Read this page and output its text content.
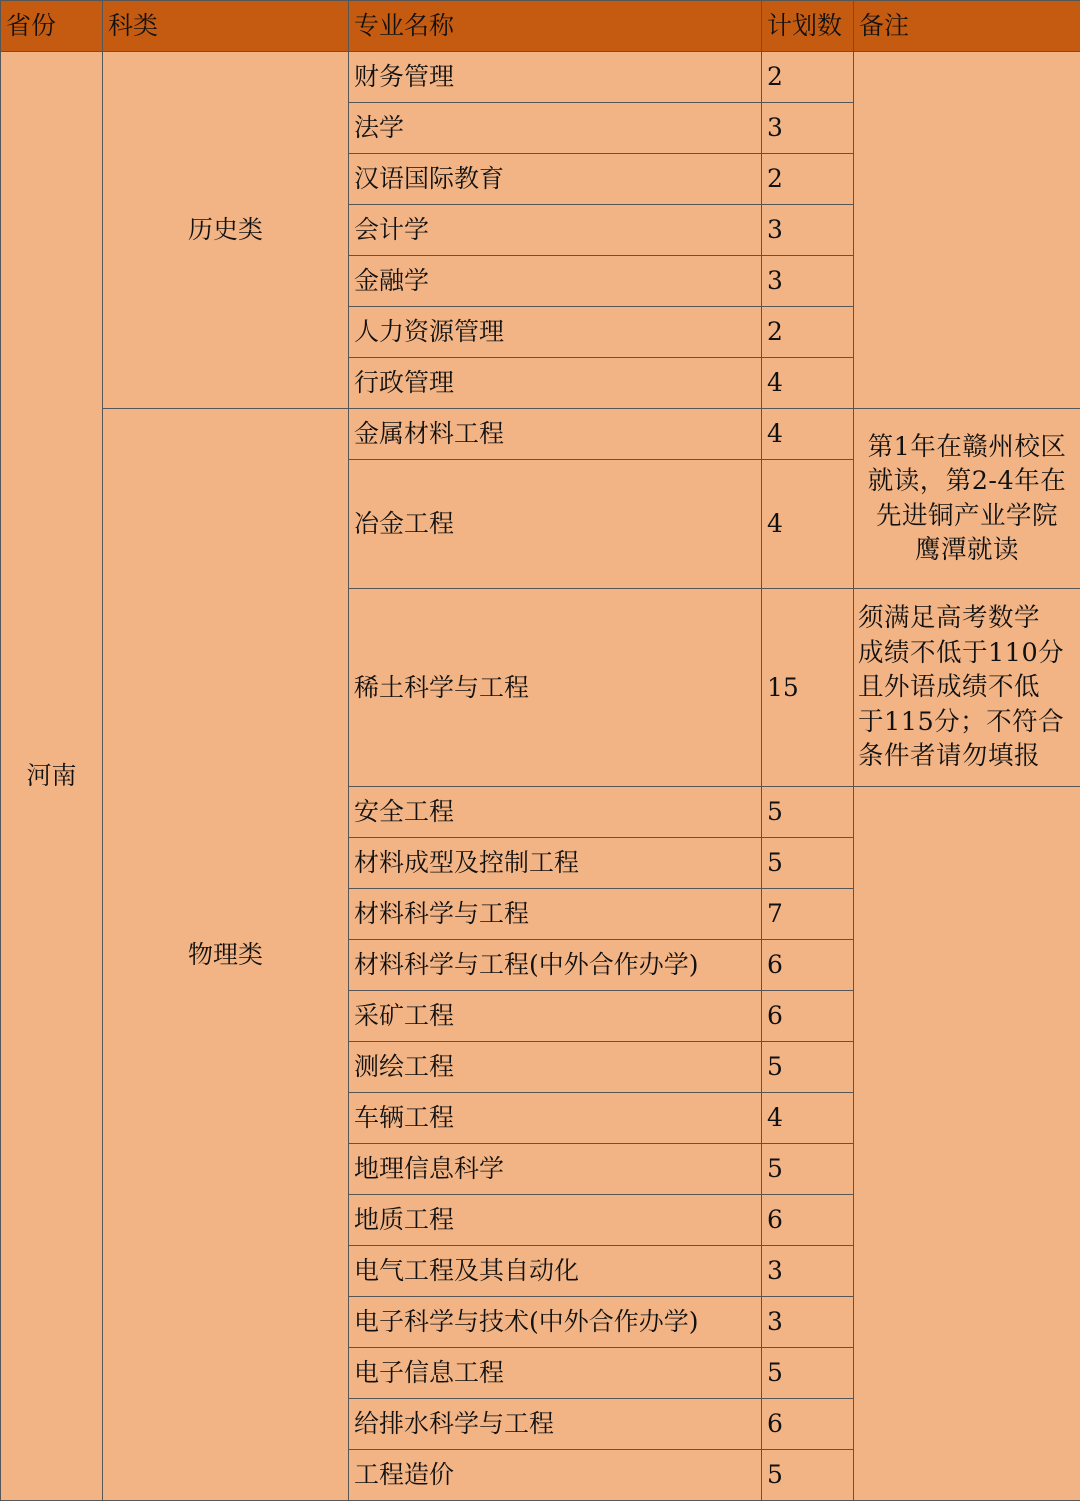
省份	科类	专业名称	计划数	备注
河南	历史类	财务管理	2	
		法学	3	
		汉语国际教育	2	
		会计学	3	
		金融学	3	
		人力资源管理	2	
		行政管理	4	
	物理类	金属材料工程	4	第1年在赣州校区
就读，第2-4年在
先进铜产业学院
鹰潭就读
		冶金工程	4	
		稀土科学与工程	15	须满足高考数学
成绩不低于110分
且外语成绩不低
于115分；不符合
条件者请勿填报
		安全工程	5	
		材料成型及控制工程	5	
		材料科学与工程	7	
		材料科学与工程(中外合作办学)	6	
		采矿工程	6	
		测绘工程	5	
		车辆工程	4	
		地理信息科学	5	
		地质工程	6	
		电气工程及其自动化	3	
		电子科学与技术(中外合作办学)	3	
		电子信息工程	5	
		给排水科学与工程	6	
		工程造价	5	
